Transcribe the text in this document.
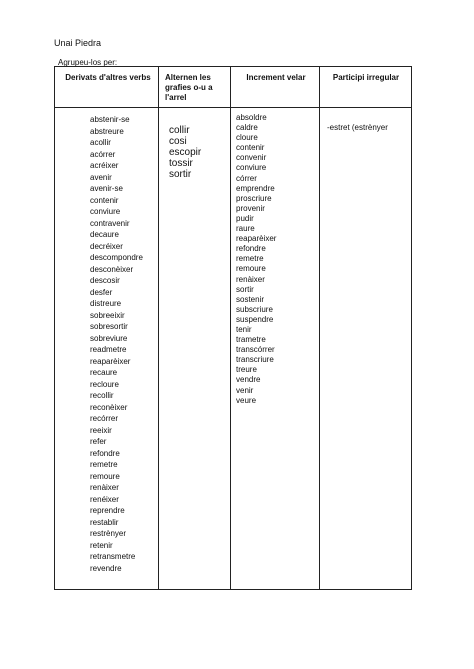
Unai Piedra
Agrupeu-los per:
Derivats d'altres verbs	Alternen les grafies o-u a l'arrel
Increment velar	Participi irregular
abstenir-se
abstreure
acollir
acórrer
acréixer
avenir
avenir-se
contenir
conviure
contravenir
decaure
decréixer
descompondre
desconèixer
descosir
desfer
distreure
sobreeixir
sobresortir
sobreviure
readmetre
reaparèixer
recaure
recloure
recollir
reconèixer
recórrer
reeixir
refer
refondre
remetre
remoure
renàixer
renéixer
reprendre
restablir
restrènyer
retenir
retransmetre
revendre
collir
cosi
escopir
tossir
sortir
absoldre
caldre
cloure
contenir
convenir
conviure
córrer
emprendre
proscriure
provenir
pudir
raure
reaparèixer
refondre
remetre
remoure
renàixer
sortir
sostenir
subscriure
suspendre
tenir
trametre
transcórrer
transcriure
treure
vendre
venir
veure
-estret (estrènyer
